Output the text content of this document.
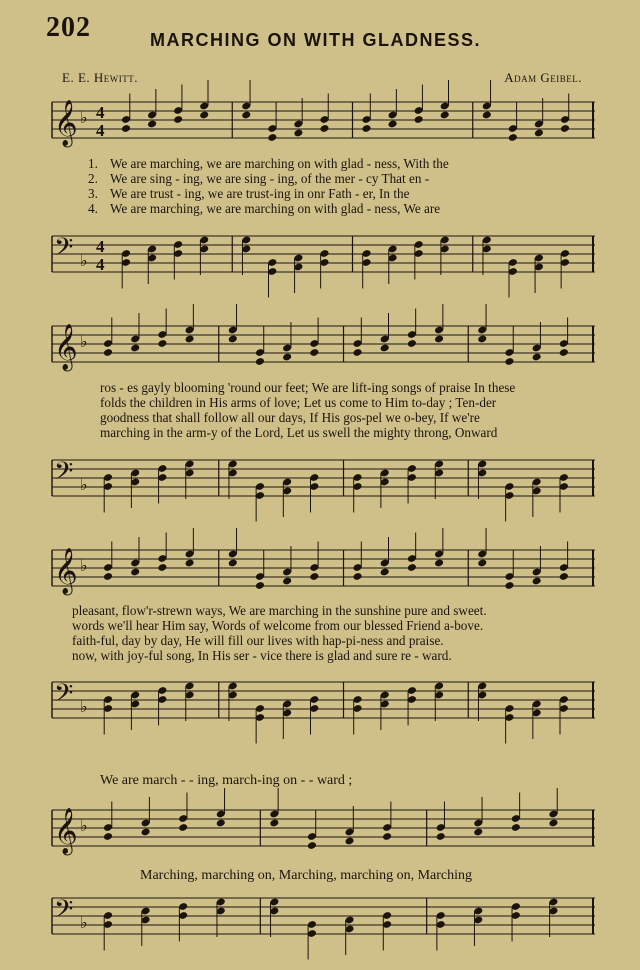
202	MARCHING ON WITH GLADNESS.
E. E. Hewitt.	Adam Geibel.
𝄞 ♭ 4
4
1. We are marching, we are marching on with glad - ness, With the
2. We are sing - ing, we are sing - ing, of the mer - cy That en -
3. We are trust - ing, we are trust-ing in onr Fath - er, In the
4. We are marching, we are marching on with glad - ness, We are
𝄢 ♭
4
4
𝄞 ♭
ros - es gayly blooming 'round our feet; We are lift-ing songs of praise In these
folds the children in His arms of love; Let us come to Him to-day ; Ten-der
goodness that shall follow all our days, If His gos-pel we o-bey, If we're
marching in the arm-y of the Lord, Let us swell the mighty throng, Onward
𝄢 ♭
𝄞 ♭
pleasant, flow'r-strewn ways, We are marching in the sunshine pure and sweet.
words we'll hear Him say, Words of welcome from our blessed Friend a-bove.
faith-ful, day by day, He will fill our lives with hap-pi-ness and praise.
now, with joy-ful song, In His ser - vice there is glad and sure re - ward.
𝄢 ♭
We are march - - ing, march-ing on - - ward ;
𝄞 ♭
Marching, marching on, Marching, marching on, Marching
𝄢 ♭
